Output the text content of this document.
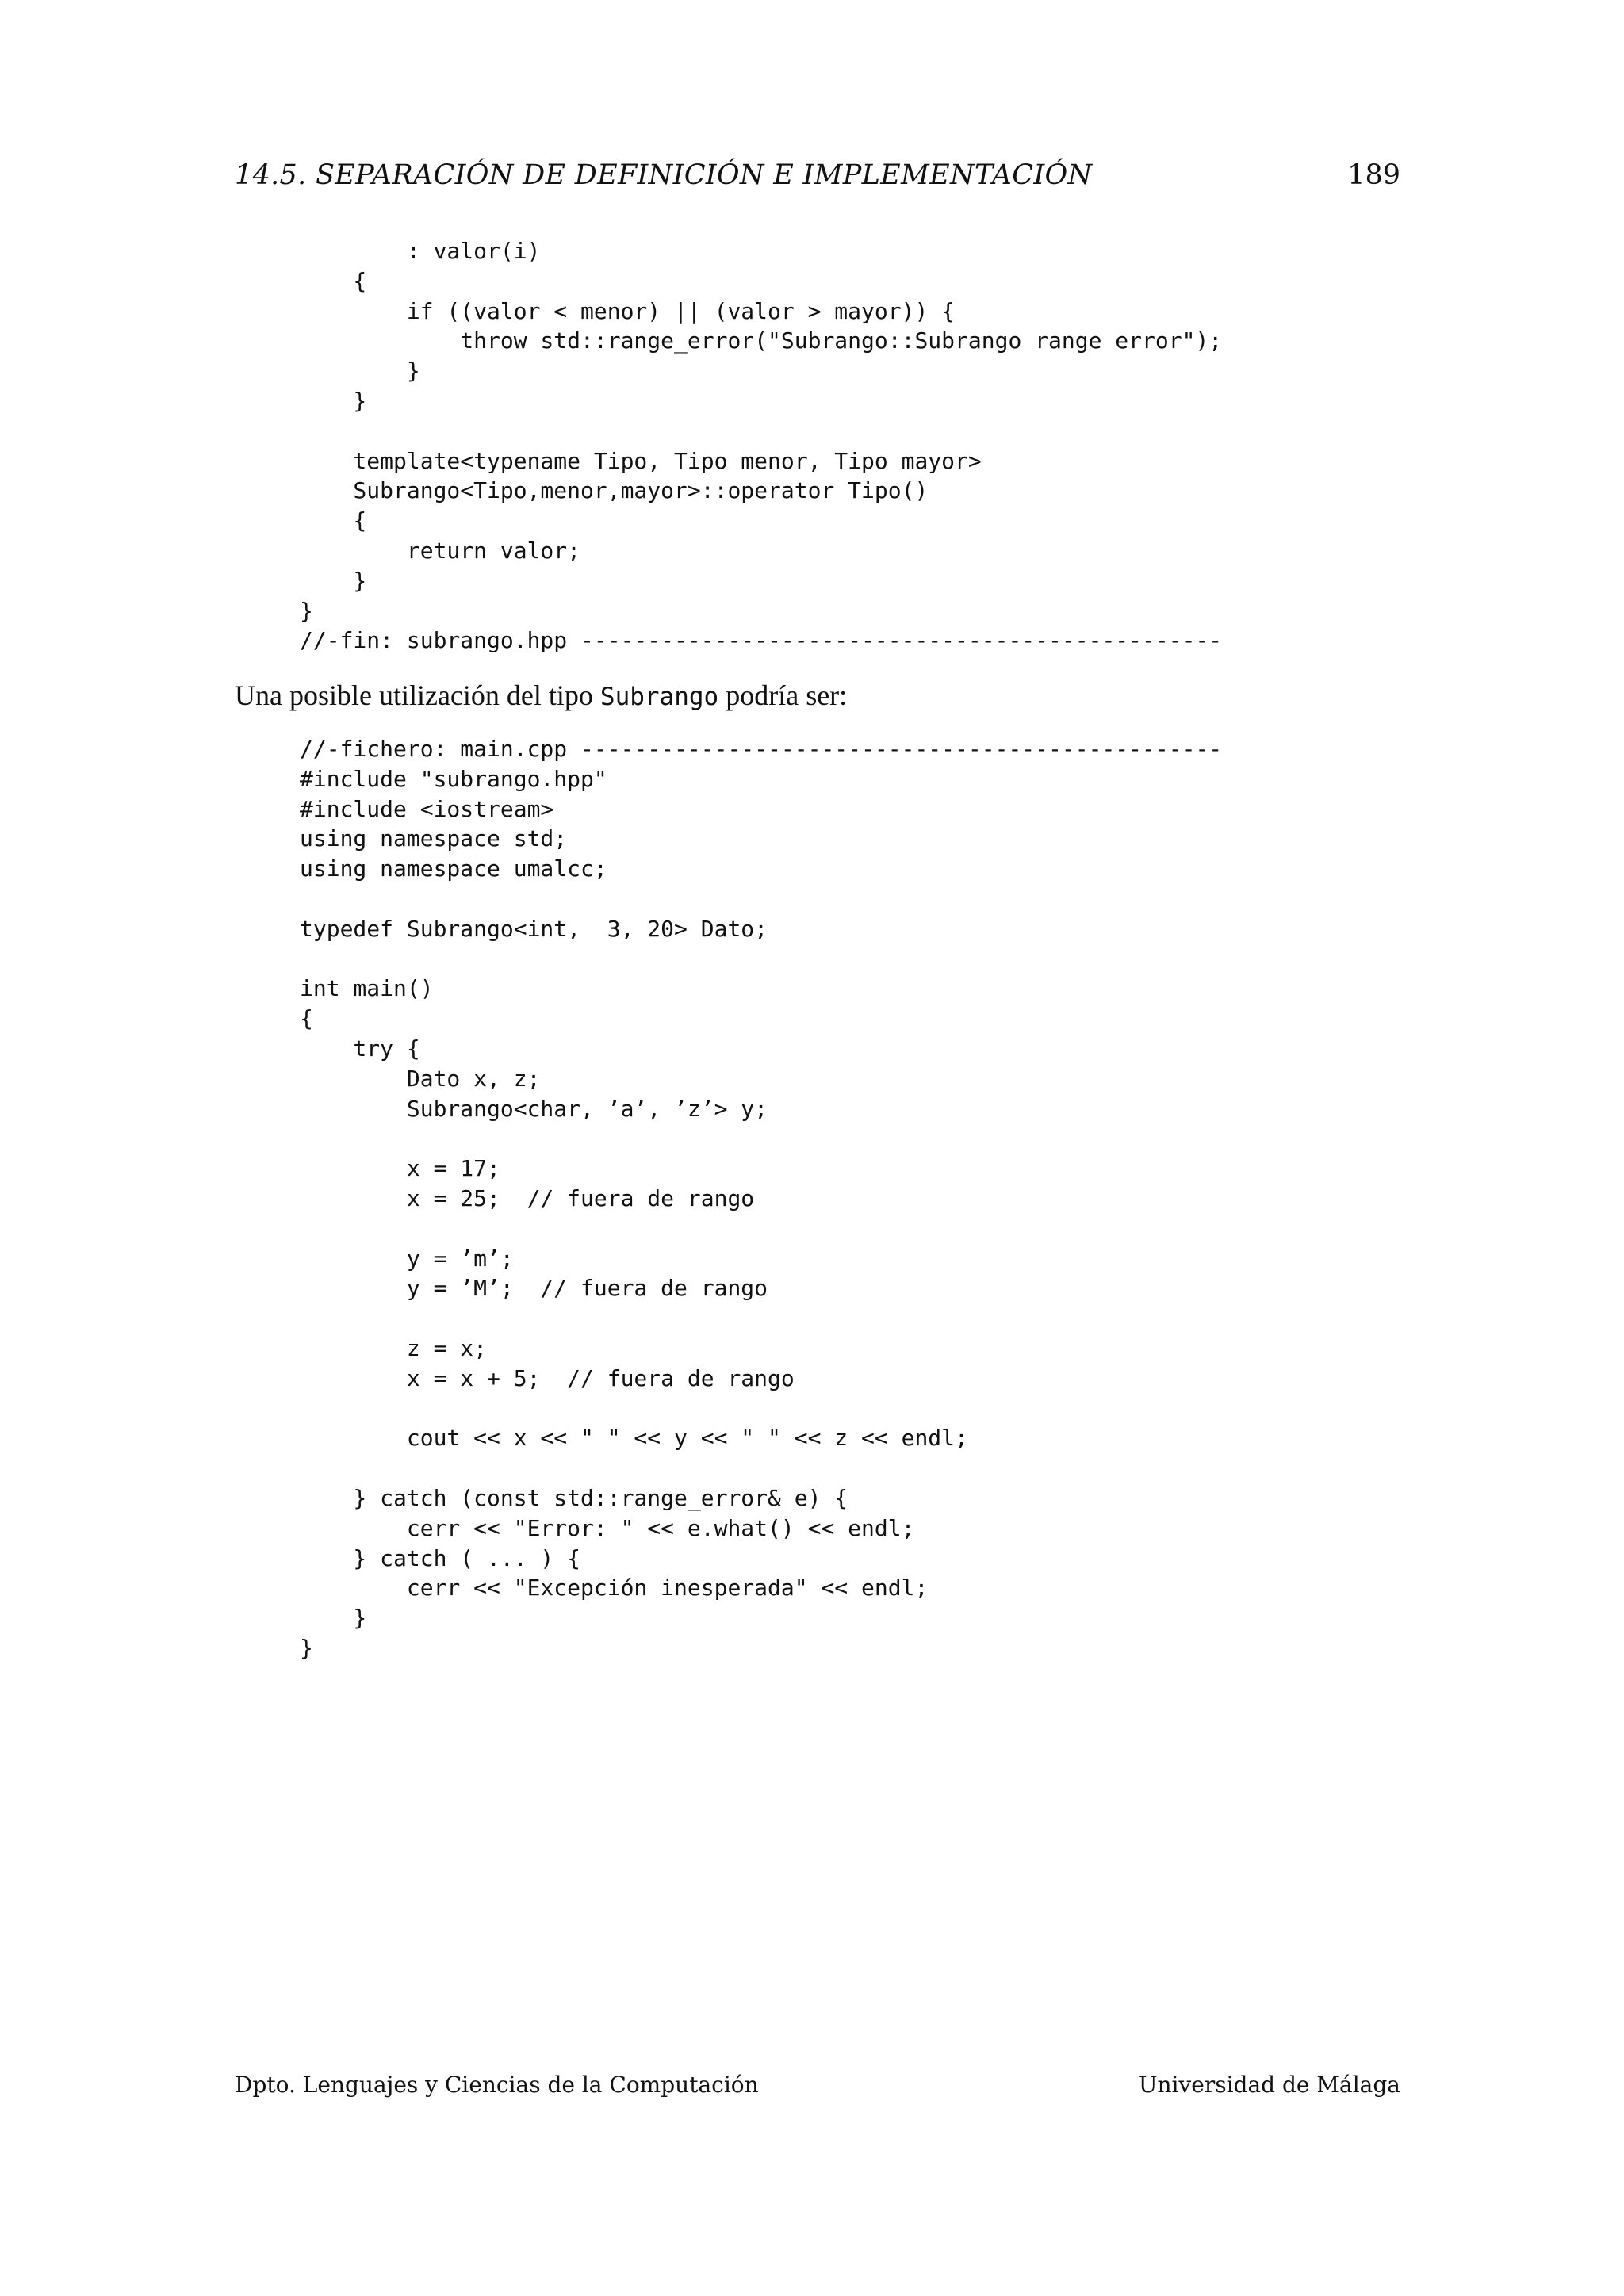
14.5. SEPARACIÓN DE DEFINICIÓN E IMPLEMENTACIÓN	189
: valor(i)
{
if ((valor < menor) || (valor > mayor)) {
throw std::range_error("Subrango::Subrango range error");
}
}

template<typename Tipo, Tipo menor, Tipo mayor>
Subrango<Tipo,menor,mayor>::operator Tipo()
{
return valor;
}
}
//-fin: subrango.hpp ------------------------------------------------
Una posible utilización del tipo Subrango podría ser:
//-fichero: main.cpp ------------------------------------------------
#include "subrango.hpp"
#include <iostream>
using namespace std;
using namespace umalcc;

typedef Subrango<int,  3, 20> Dato;

int main()
{
try {
Dato x, z;
Subrango<char, ’a’, ’z’> y;

x = 17;
x = 25;  // fuera de rango

y = ’m’;
y = ’M’;  // fuera de rango

z = x;
x = x + 5;  // fuera de rango

cout << x << " " << y << " " << z << endl;

} catch (const std::range_error& e) {
cerr << "Error: " << e.what() << endl;
} catch ( ... ) {
cerr << "Excepción inesperada" << endl;
}
}
Dpto. Lenguajes y Ciencias de la Computación	Universidad de Málaga
